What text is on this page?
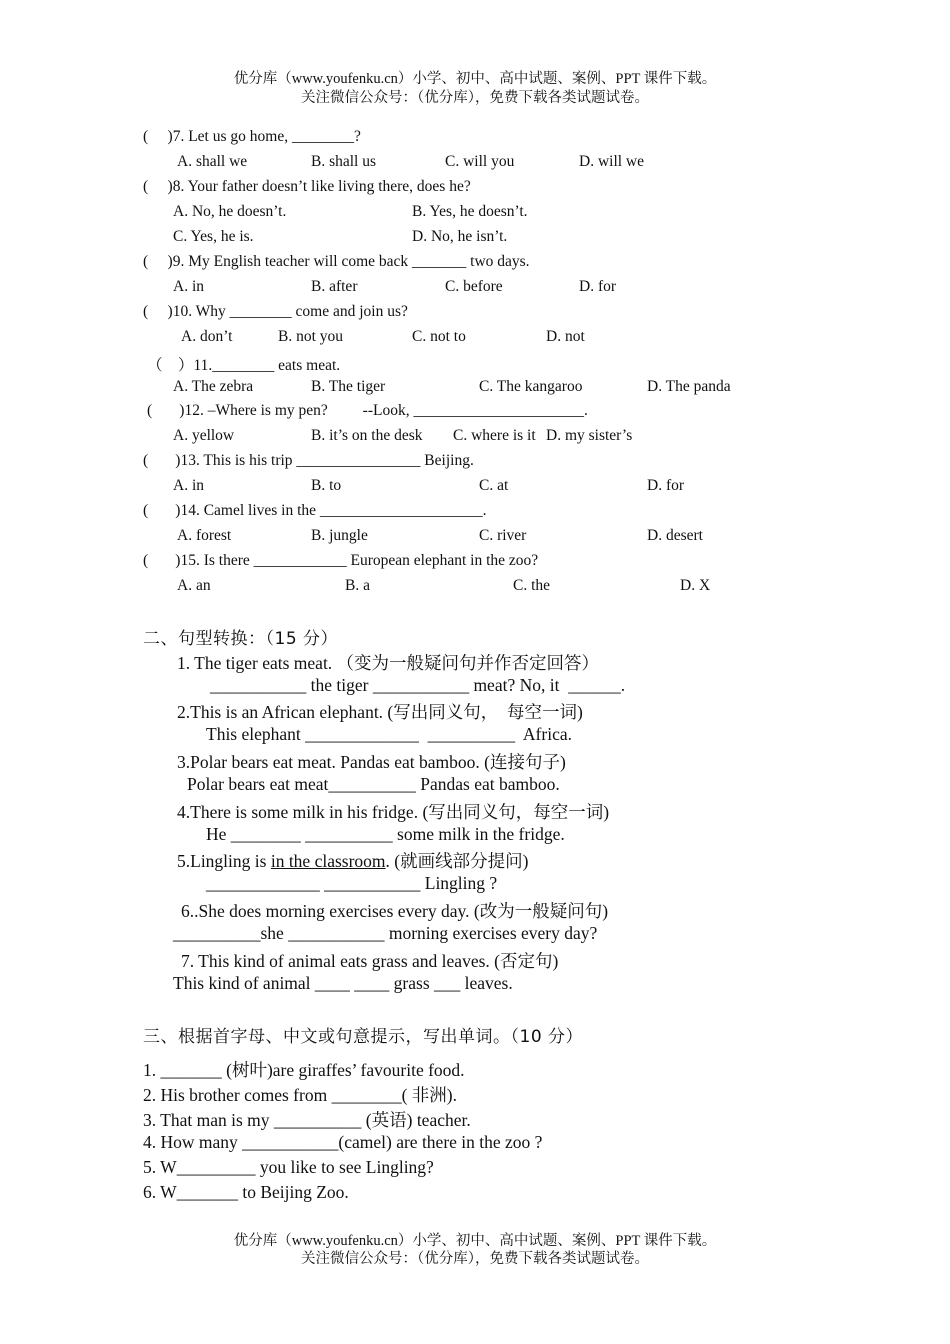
优分库（www.youfenku.cn）小学、初中、高中试题、案例、PPT 课件下载。
关注微信公众号：（优分库），免费下载各类试题试卷。
(     )7. Let us go home, ________?
A. shall we	B. shall us	C. will you	D. will we
(     )8. Your father doesn’t like living there, does he?
A. No, he doesn’t.	B. Yes, he doesn’t.
C. Yes, he is.	D. No, he isn’t.
(     )9. My English teacher will come back _______ two days.
A. in	B. after	C. before	D. for
(     )10. Why ________ come and join us?
A. don’t	B. not you	C. not to	D. not
（    ）11.________ eats meat.
A. The zebra	B. The tiger	C. The kangaroo	D. The panda
(       )12. –Where is my pen?         --Look, ______________________.
A. yellow	B. it’s on the desk C. where is it D. my sister’s
(       )13. This is his trip ________________ Beijing.
A. in	B. to	C. at	D. for
(       )14. Camel lives in the _____________________.
A. forest	B. jungle	C. river	D. desert
(       )15. Is there ____________ European elephant in the zoo?
A. an	B. a	C. the	D. X
二、句型转换：（15 分）
1. The tiger eats meat. （变为一般疑问句并作否定回答）
___________ the tiger ___________ meat? No, it  ______.
2.This is an African elephant. (写出同义句，  每空一词)
This elephant _____________  __________  Africa.
3.Polar bears eat meat. Pandas eat bamboo. (连接句子)
Polar bears eat meat__________ Pandas eat bamboo.
4.There is some milk in his fridge. (写出同义句，每空一词)
He ________ __________ some milk in the fridge.
5.Lingling is in the classroom. (就画线部分提问)
_____________ ___________ Lingling ?
6..She does morning exercises every day. (改为一般疑问句)
__________she ___________ morning exercises every day?
7. This kind of animal eats grass and leaves. (否定句)
This kind of animal ____ ____ grass ___ leaves.
三、根据首字母、中文或句意提示，写出单词。（10 分）
1. _______ (树叶)are giraffes’ favourite food.
2. His brother comes from ________( 非洲).
3. That man is my __________ (英语) teacher.
4. How many ___________(camel) are there in the zoo ?
5. W_________ you like to see Lingling?
6. W_______ to Beijing Zoo.
优分库（www.youfenku.cn）小学、初中、高中试题、案例、PPT 课件下载。
关注微信公众号：（优分库），免费下载各类试题试卷。
